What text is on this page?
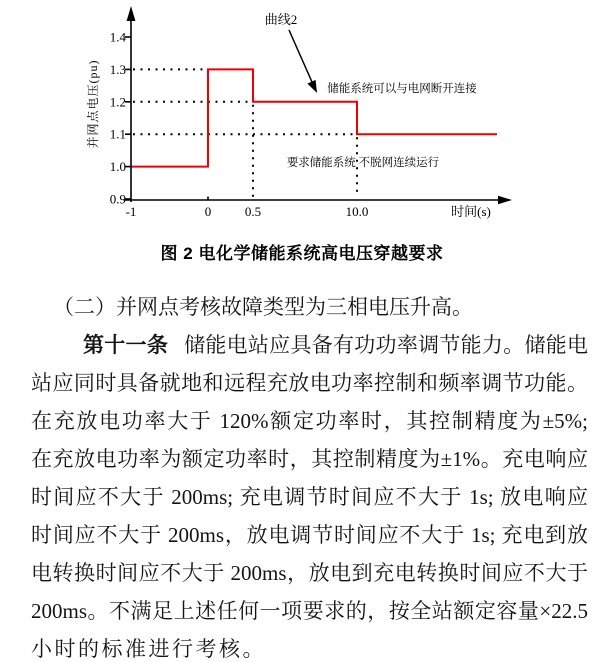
0.9
1.0
1.1
1.2
1.3
1.4
-1	0	0.5	10.0	时间(s)
并网点电压(pu)
曲线2
储能系统可以与电网断开连接
要求储能系统 不脱网连续运行
图 2 电化学储能系统高电压穿越要求
（二）并网点考核故障类型为三相电压升高。
第十一条 储能电站应具备有功功率调节能力。储能电
站应同时具备就地和远程充放电功率控制和频率调节功能。
在充放电功率大于 120%额定功率时，其控制精度为±5%;
在充放电功率为额定功率时，其控制精度为±1%。充电响应
时间应不大于 200ms; 充电调节时间应不大于 1s; 放电响应
时间应不大于 200ms，放电调节时间应不大于 1s; 充电到放
电转换时间应不大于 200ms，放电到充电转换时间应不大于
200ms。不满足上述任何一项要求的，按全站额定容量×22.5
小时的标准进行考核。
